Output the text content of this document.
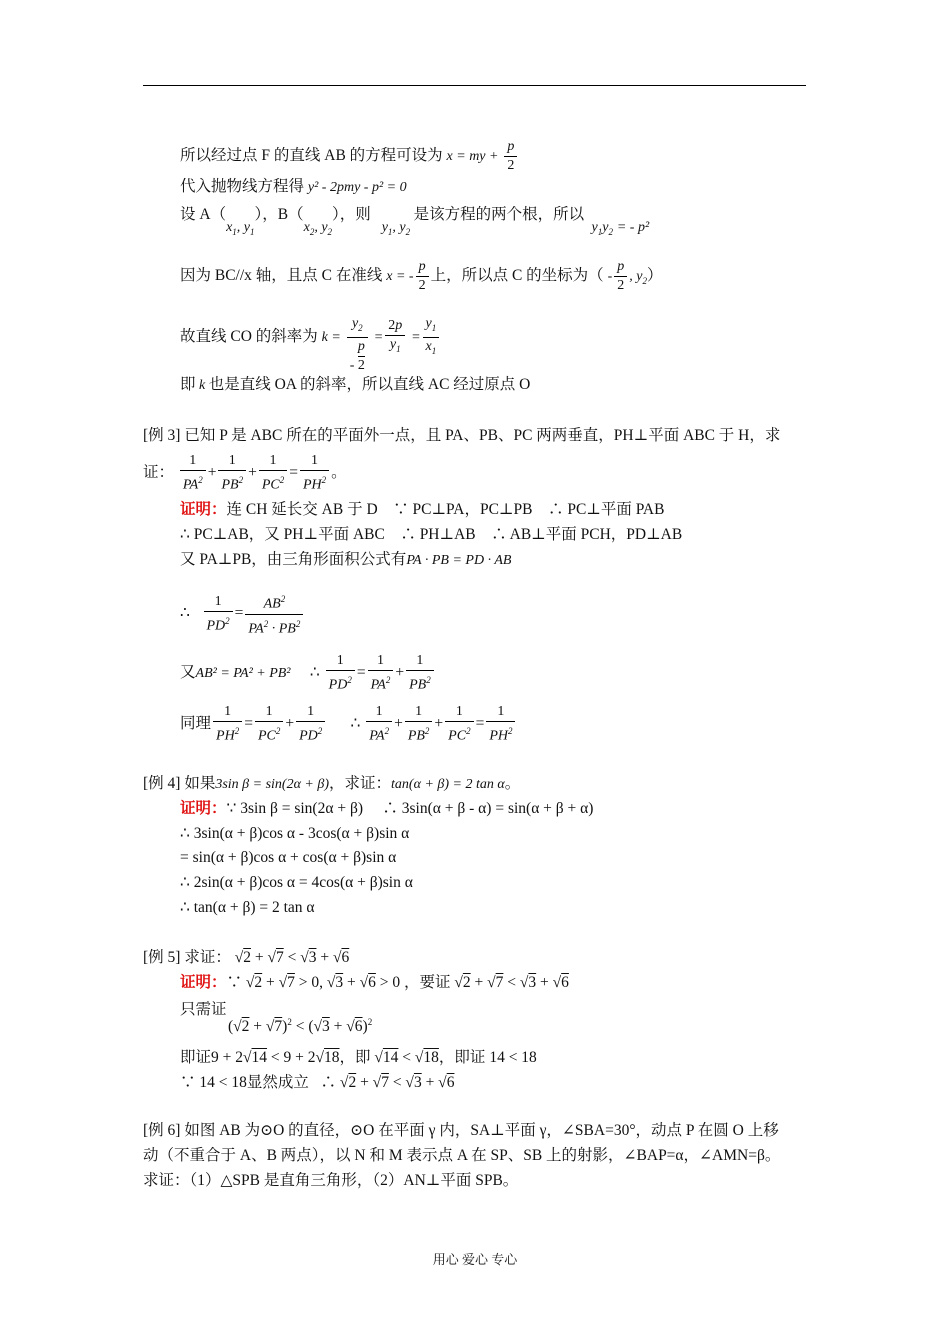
所以经过点 F 的直线 AB 的方程可设为 x = my + $\frac{p}{2}$
代入抛物线方程得 y² - 2pmy - p² = 0
设 $A(x_1$, $y_1$），$B(x_2$, $y_2$），则   $y_1$, $y_2$ 是该方程的两个根，所以  $y_1y_2$ = - p²
因为 BC//x 轴，且点 C 在准线 x = - $\frac{p}{2}$ 上，所以点 C 的坐标为（ - $\frac{p}{2}$ , $y_2$）
故直线 CO 的斜率为 $k = \frac{y_2}{- \frac{p}{2}} = \frac{2p}{y_1} = \frac{y_1}{x_1}$
即 k 也是直线 OA 的斜率，所以直线 AC 经过原点 O
[例 3] 已知 P 是 ABC 所在的平面外一点，且 PA、PB、PC 两两垂直，PH⊥平面 ABC 于 H，求
证： $\frac{1}{PA^2} + \frac{1}{PB^2} + \frac{1}{PC^2} = \frac{1}{PH^2}$ 。
证明：连 CH 延长交 AB 于 D　∵ PC⊥PA，PC⊥PB　∴ PC⊥平面 PAB
∴ PC⊥AB，又 PH⊥平面 ABC　∴ PH⊥AB　∴ AB⊥平面 PCH，PD⊥AB
又 PA⊥PB，由三角形面积公式有PA · PB = PD · AB
∴ $\frac{1}{PD^2} = \frac{AB^2}{PA^2 \cdot PB^2}$
又AB² = PA² + PB²     ∴ $\frac{1}{PD^2} = \frac{1}{PA^2} + \frac{1}{PB^2}$
同理 $\frac{1}{PH^2} = \frac{1}{PC^2} + \frac{1}{PD^2}$ ∴ $\frac{1}{PA^2} + \frac{1}{PB^2} + \frac{1}{PC^2} = \frac{1}{PH^2}$
[例 4] 如果3sin β = sin(2α + β)，求证：tan(α + β) = 2 tan α。
证明：∵ 3sin β = sin(2α + β)　 ∴ 3sin(α + β - α) = sin(α + β + α)
∴ 3sin(α + β)cos α - 3cos(α + β)sin α
= sin(α + β)cos α + cos(α + β)sin α
∴ 2sin(α + β)cos α = 4cos(α + β)sin α
∴ tan(α + β) = 2 tan α
[例 5] 求证： √2 + √7 < √3 + √6
证明：∵ √2 + √7 > 0, √3 + √6 > 0 ，要证 √2 + √7 < √3 + √6
只需证
$(√2 + √7)^2 < (√3 + √6)^2$
即证9 + 2√14 < 9 + 2√18，即 √14 < √18，即证 14 < 18
∵ 14 < 18显然成立 ∴ √2 + √7 < √3 + √6
[例 6] 如图 AB 为⊙O 的直径，⊙O 在平面 γ 内，SA⊥平面 γ，∠SBA=30°，动点 P 在圆 O 上移
动（不重合于 A、B 两点），以 N 和 M 表示点 A 在 SP、SB 上的射影，∠BAP=α，∠AMN=β。
求证：（1）△SPB 是直角三角形，（2）AN⊥平面 SPB。
用心 爱心 专心
